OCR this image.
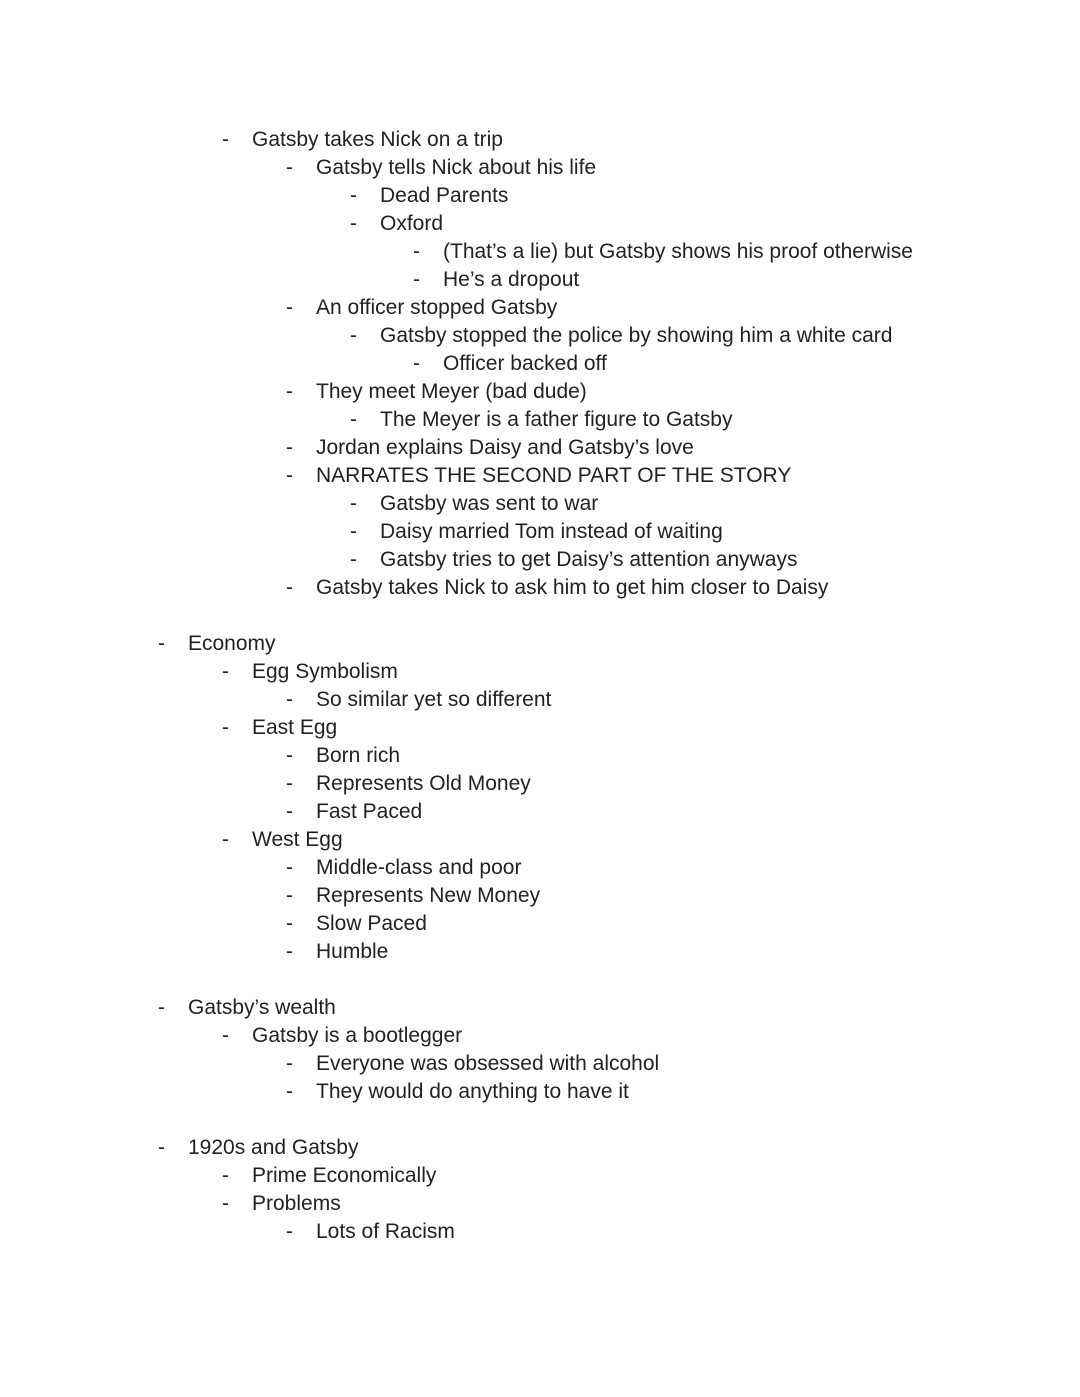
- Gatsby takes Nick on a trip
- Gatsby tells Nick about his life
- Dead Parents
- Oxford
- (That’s a lie) but Gatsby shows his proof otherwise
- He’s a dropout
- An officer stopped Gatsby
- Gatsby stopped the police by showing him a white card
- Officer backed off
- They meet Meyer (bad dude)
- The Meyer is a father figure to Gatsby
- Jordan explains Daisy and Gatsby’s love
- NARRATES THE SECOND PART OF THE STORY
- Gatsby was sent to war
- Daisy married Tom instead of waiting
- Gatsby tries to get Daisy’s attention anyways
- Gatsby takes Nick to ask him to get him closer to Daisy
- Economy
- Egg Symbolism
- So similar yet so different
- East Egg
- Born rich
- Represents Old Money
- Fast Paced
- West Egg
- Middle-class and poor
- Represents New Money
- Slow Paced
- Humble
- Gatsby’s wealth
- Gatsby is a bootlegger
- Everyone was obsessed with alcohol
- They would do anything to have it
- 1920s and Gatsby
- Prime Economically
- Problems
- Lots of Racism
